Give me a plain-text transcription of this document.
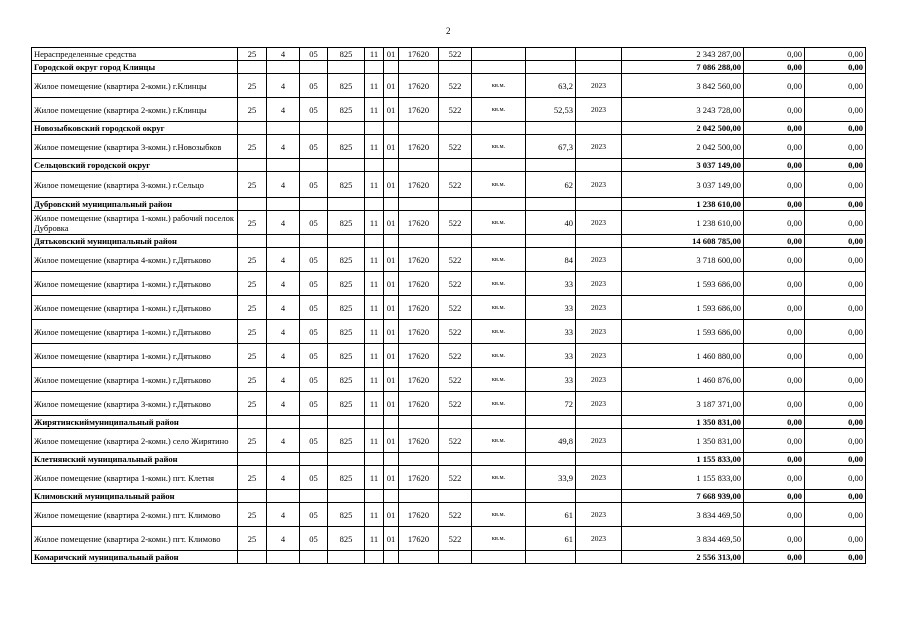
2
Нераспределенные средства	25	4	05	825	11	01	17620	522				2 343 287,00	0,00	0,00
Городской округ город Клинцы												7 086 288,00	0,00	0,00
Жилое помещение (квартира 2-комн.) г.Клинцы	25	4	05	825	11	01	17620	522	кв.м.	63,2	2023	3 842 560,00	0,00	0,00
Жилое помещение (квартира 2-комн.) г.Клинцы	25	4	05	825	11	01	17620	522	кв.м.	52,53	2023	3 243 728,00	0,00	0,00
Новозыбковский городской округ												2 042 500,00	0,00	0,00
Жилое помещение (квартира 3-комн.) г.Новозыбков	25	4	05	825	11	01	17620	522	кв.м.	67,3	2023	2 042 500,00	0,00	0,00
Сельцовский городской округ												3 037 149,00	0,00	0,00
Жилое помещение (квартира 3-комн.) г.Сельцо	25	4	05	825	11	01	17620	522	кв.м.	62	2023	3 037 149,00	0,00	0,00
Дубровский муниципальный район												1 238 610,00	0,00	0,00
Жилое помещение (квартира 1-комн.) рабочий поселок Дубровка	25	4	05	825	11	01	17620	522	кв.м.	40	2023	1 238 610,00	0,00	0,00
Дятьковский муниципальный район												14 608 785,00	0,00	0,00
Жилое помещение (квартира 4-комн.) г.Дятьково	25	4	05	825	11	01	17620	522	кв.м.	84	2023	3 718 600,00	0,00	0,00
Жилое помещение (квартира 1-комн.) г.Дятьково	25	4	05	825	11	01	17620	522	кв.м.	33	2023	1 593 686,00	0,00	0,00
Жилое помещение (квартира 1-комн.) г.Дятьково	25	4	05	825	11	01	17620	522	кв.м.	33	2023	1 593 686,00	0,00	0,00
Жилое помещение (квартира 1-комн.) г.Дятьково	25	4	05	825	11	01	17620	522	кв.м.	33	2023	1 593 686,00	0,00	0,00
Жилое помещение (квартира 1-комн.) г.Дятьково	25	4	05	825	11	01	17620	522	кв.м.	33	2023	1 460 880,00	0,00	0,00
Жилое помещение (квартира 1-комн.) г.Дятьково	25	4	05	825	11	01	17620	522	кв.м.	33	2023	1 460 876,00	0,00	0,00
Жилое помещение (квартира 3-комн.) г.Дятьково	25	4	05	825	11	01	17620	522	кв.м.	72	2023	3 187 371,00	0,00	0,00
Жирятинскиймуниципальный район												1 350 831,00	0,00	0,00
Жилое помещение (квартира 2-комн.) село Жирятино	25	4	05	825	11	01	17620	522	кв.м.	49,8	2023	1 350 831,00	0,00	0,00
Клетнянский муниципальный район												1 155 833,00	0,00	0,00
Жилое помещение (квартира 1-комн.) пгт. Клетня	25	4	05	825	11	01	17620	522	кв.м.	33,9	2023	1 155 833,00	0,00	0,00
Климовский муниципальный район												7 668 939,00	0,00	0,00
Жилое помещение (квартира 2-комн.) пгт. Климово	25	4	05	825	11	01	17620	522	кв.м.	61	2023	3 834 469,50	0,00	0,00
Жилое помещение (квартира 2-комн.) пгт. Климово	25	4	05	825	11	01	17620	522	кв.м.	61	2023	3 834 469,50	0,00	0,00
Комаричский муниципальный район												2 556 313,00	0,00	0,00
